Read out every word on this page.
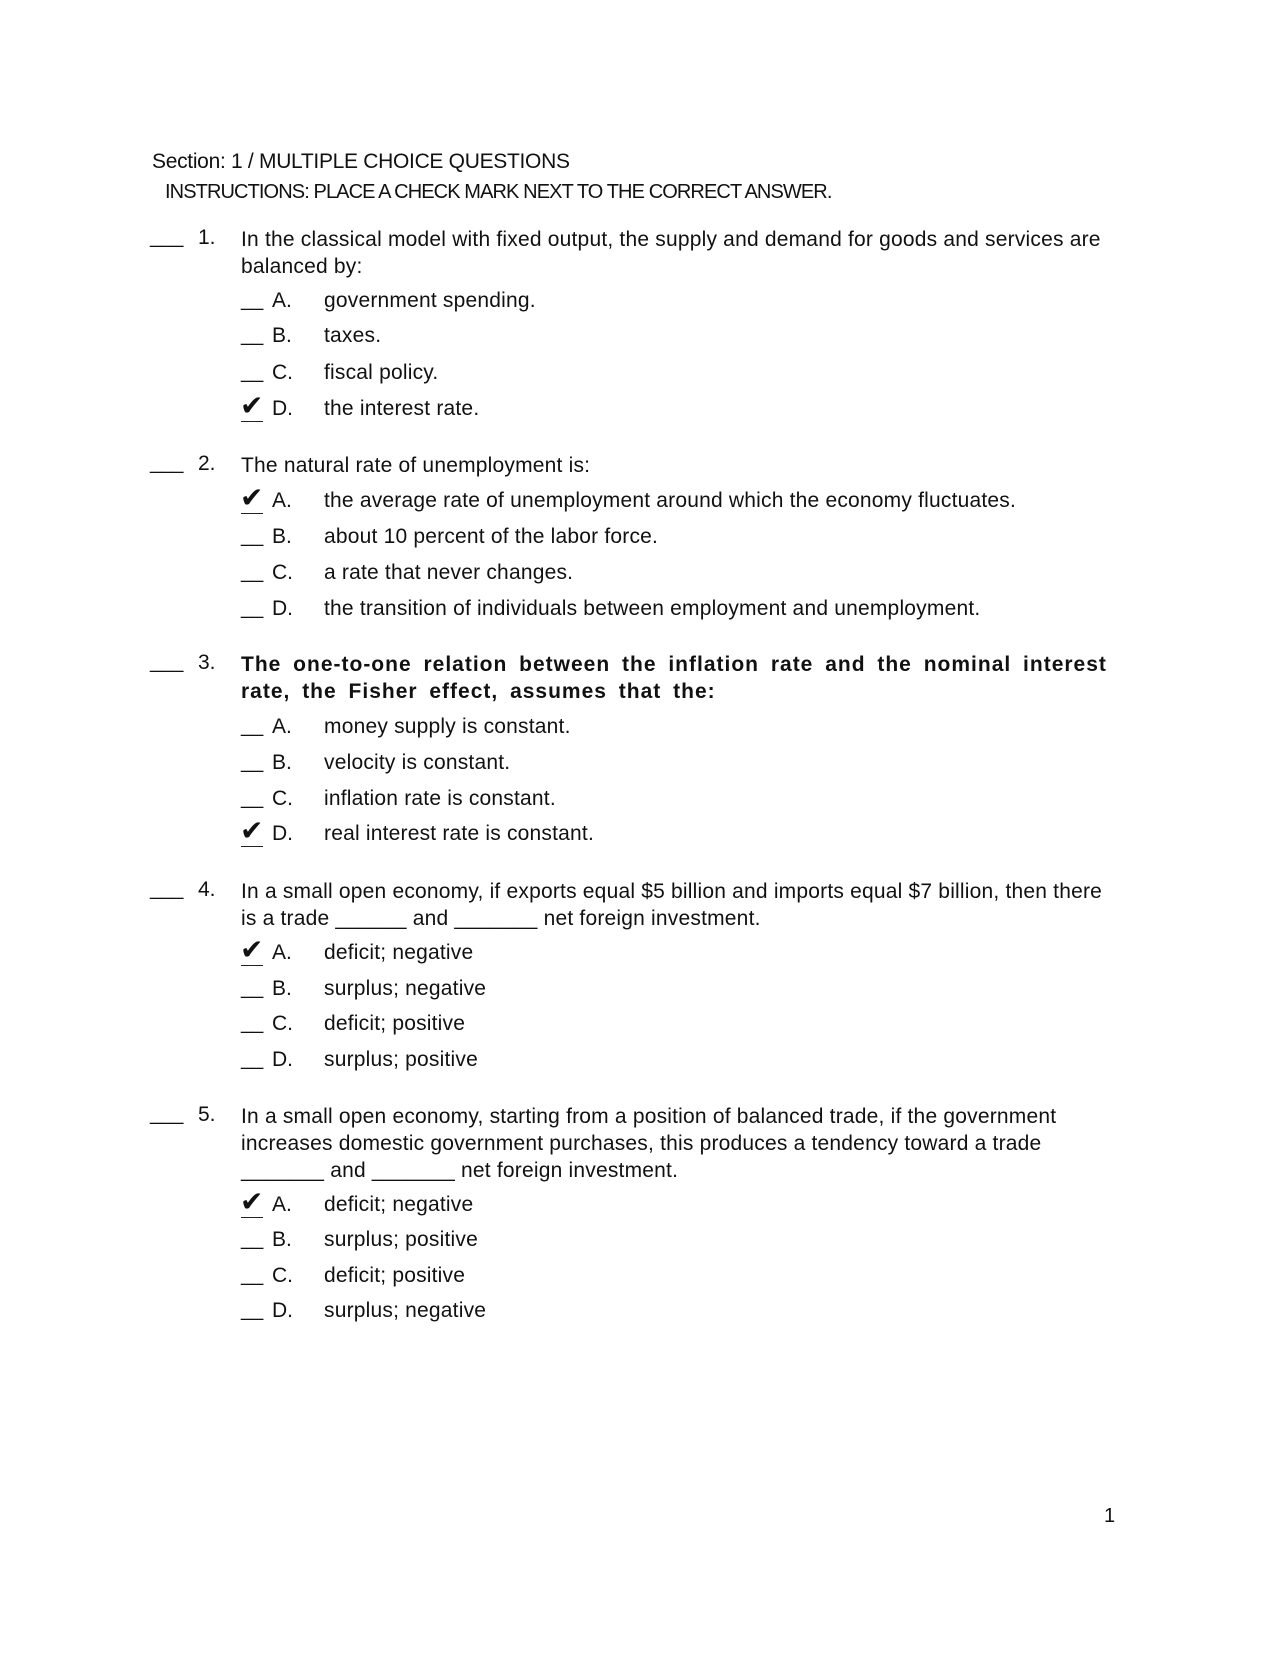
Section: 1 / MULTIPLE CHOICE QUESTIONS
INSTRUCTIONS: PLACE A CHECK MARK NEXT TO THE CORRECT ANSWER.
___ 1. In the classical model with fixed output, the supply and demand for goods and services are balanced by:
__ A. government spending.
__ B. taxes.
__ C. fiscal policy.
✔ D. the interest rate.
___ 2. The natural rate of unemployment is:
✔ A. the average rate of unemployment around which the economy fluctuates.
__ B. about 10 percent of the labor force.
__ C. a rate that never changes.
__ D. the transition of individuals between employment and unemployment.
___ 3. The one-to-one relation between the inflation rate and the nominal interest rate, the Fisher effect, assumes that the:
__ A. money supply is constant.
__ B. velocity is constant.
__ C. inflation rate is constant.
✔ D. real interest rate is constant.
___ 4. In a small open economy, if exports equal $5 billion and imports equal $7 billion, then there is a trade ______ and _______ net foreign investment.
✔ A. deficit; negative
__ B. surplus; negative
__ C. deficit; positive
__ D. surplus; positive
___ 5. In a small open economy, starting from a position of balanced trade, if the government increases domestic government purchases, this produces a tendency toward a trade _______ and _______ net foreign investment.
✔ A. deficit; negative
__ B. surplus; positive
__ C. deficit; positive
__ D. surplus; negative
1
